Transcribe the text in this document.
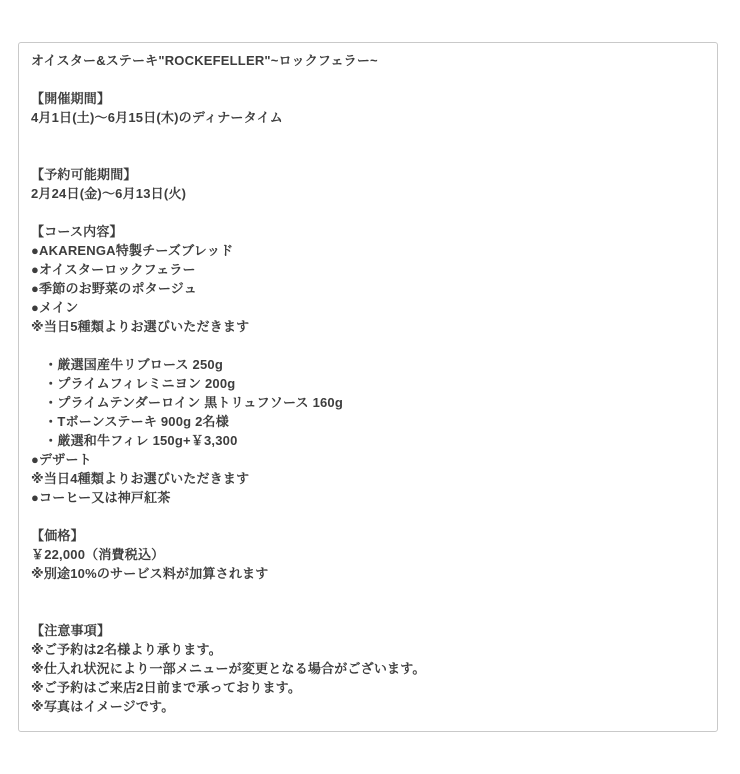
オイスター&ステーキ"ROCKEFELLER"~ロックフェラー~
【開催期間】
4月1日(土)〜6月15日(木)のディナータイム
【予約可能期間】
2月24日(金)〜6月13日(火)
【コース内容】
●AKARENGA特製チーズブレッド
●オイスターロックフェラー
●季節のお野菜のポタージュ
●メイン
※当日5種類よりお選びいただきます
　・厳選国産牛リブロース 250g
　・プライムフィレミニヨン 200g
　・プライムテンダーロイン 黒トリュフソース 160g
　・Tボーンステーキ 900g 2名様
　・厳選和牛フィレ 150g+￥3,300
●デザート
※当日4種類よりお選びいただきます
●コーヒー又は神戸紅茶
【価格】
￥22,000（消費税込）
※別途10%のサービス料が加算されます
【注意事項】
※ご予約は2名様より承ります。
※仕入れ状況により一部メニューが変更となる場合がございます。
※ご予約はご来店2日前まで承っております。
※写真はイメージです。
